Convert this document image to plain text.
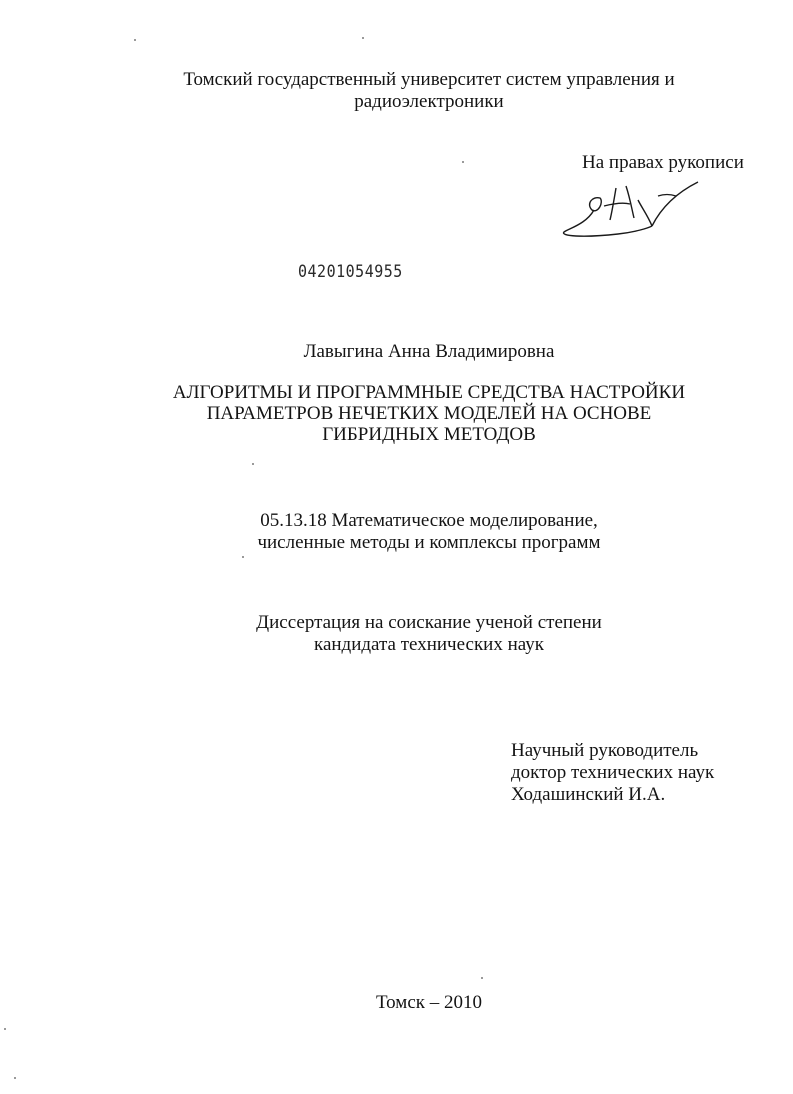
Томский государственный университет систем управления и
радиоэлектроники
На правах рукописи
04201054955
Лавыгина Анна Владимировна
АЛГОРИТМЫ И ПРОГРАММНЫЕ СРЕДСТВА НАСТРОЙКИ
ПАРАМЕТРОВ НЕЧЕТКИХ МОДЕЛЕЙ НА ОСНОВЕ
ГИБРИДНЫХ МЕТОДОВ
05.13.18 Математическое моделирование,
численные методы и комплексы программ
Диссертация на соискание ученой степени
кандидата технических наук
Научный руководитель
доктор технических наук
Ходашинский И.А.
Томск – 2010
